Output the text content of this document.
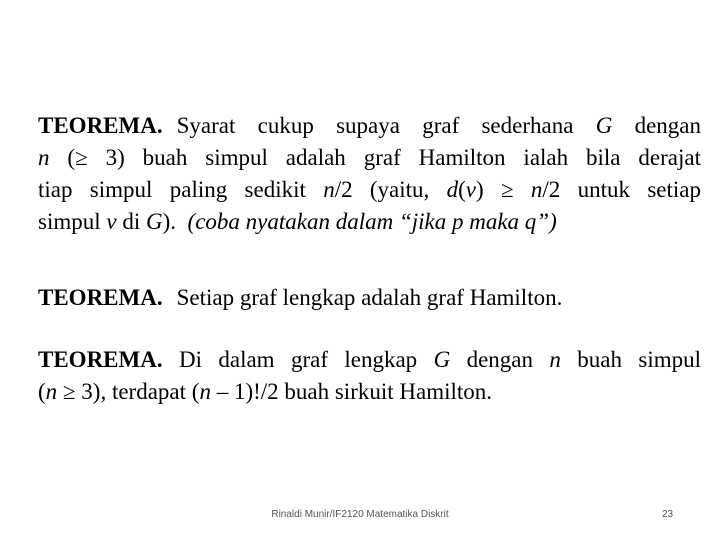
TEOREMA. Syarat cukup supaya graf sederhana G dengan
n (≥ 3) buah simpul adalah graf Hamilton ialah bila derajat
tiap simpul paling sedikit n/2 (yaitu, d(v) ≥ n/2 untuk setiap
simpul v di G). (coba nyatakan dalam “jika p maka q”)
TEOREMA. Setiap graf lengkap adalah graf Hamilton.
TEOREMA. Di dalam graf lengkap G dengan n buah simpul
(n ≥ 3), terdapat (n – 1)!/2 buah sirkuit Hamilton.
Rinaldi Munir/IF2120 Matematika Diskrit	23
